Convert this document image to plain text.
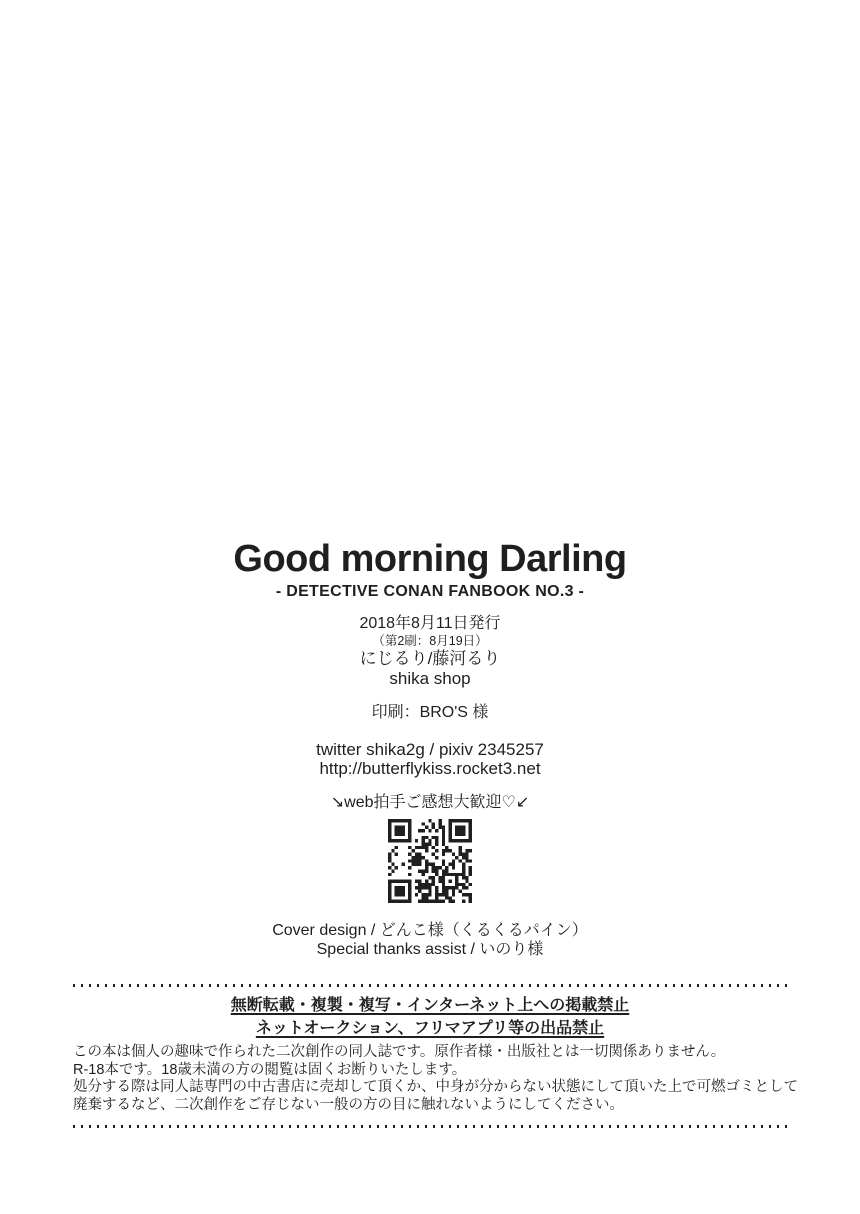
Good morning Darling
- DETECTIVE CONAN FANBOOK NO.3 -
2018年8月11日発行
（第2刷：8月19日）
にじるり/藤河るり
shika shop
印刷：BRO'S 様
twitter shika2g / pixiv 2345257
http://butterflykiss.rocket3.net
↘web拍手ご感想大歓迎♡↙
Cover design / どんこ様（くるくるパイン）
Special thanks assist / いのり様
無断転載・複製・複写・インターネット上への掲載禁止
ネットオークション、フリマアプリ等の出品禁止
この本は個人の趣味で作られた二次創作の同人誌です。原作者様・出版社とは一切関係ありません。
R-18本です。18歳未満の方の閲覧は固くお断りいたします。
処分する際は同人誌専門の中古書店に売却して頂くか、中身が分からない状態にして頂いた上で可燃ゴミとして
廃棄するなど、二次創作をご存じない一般の方の目に触れないようにしてください。
